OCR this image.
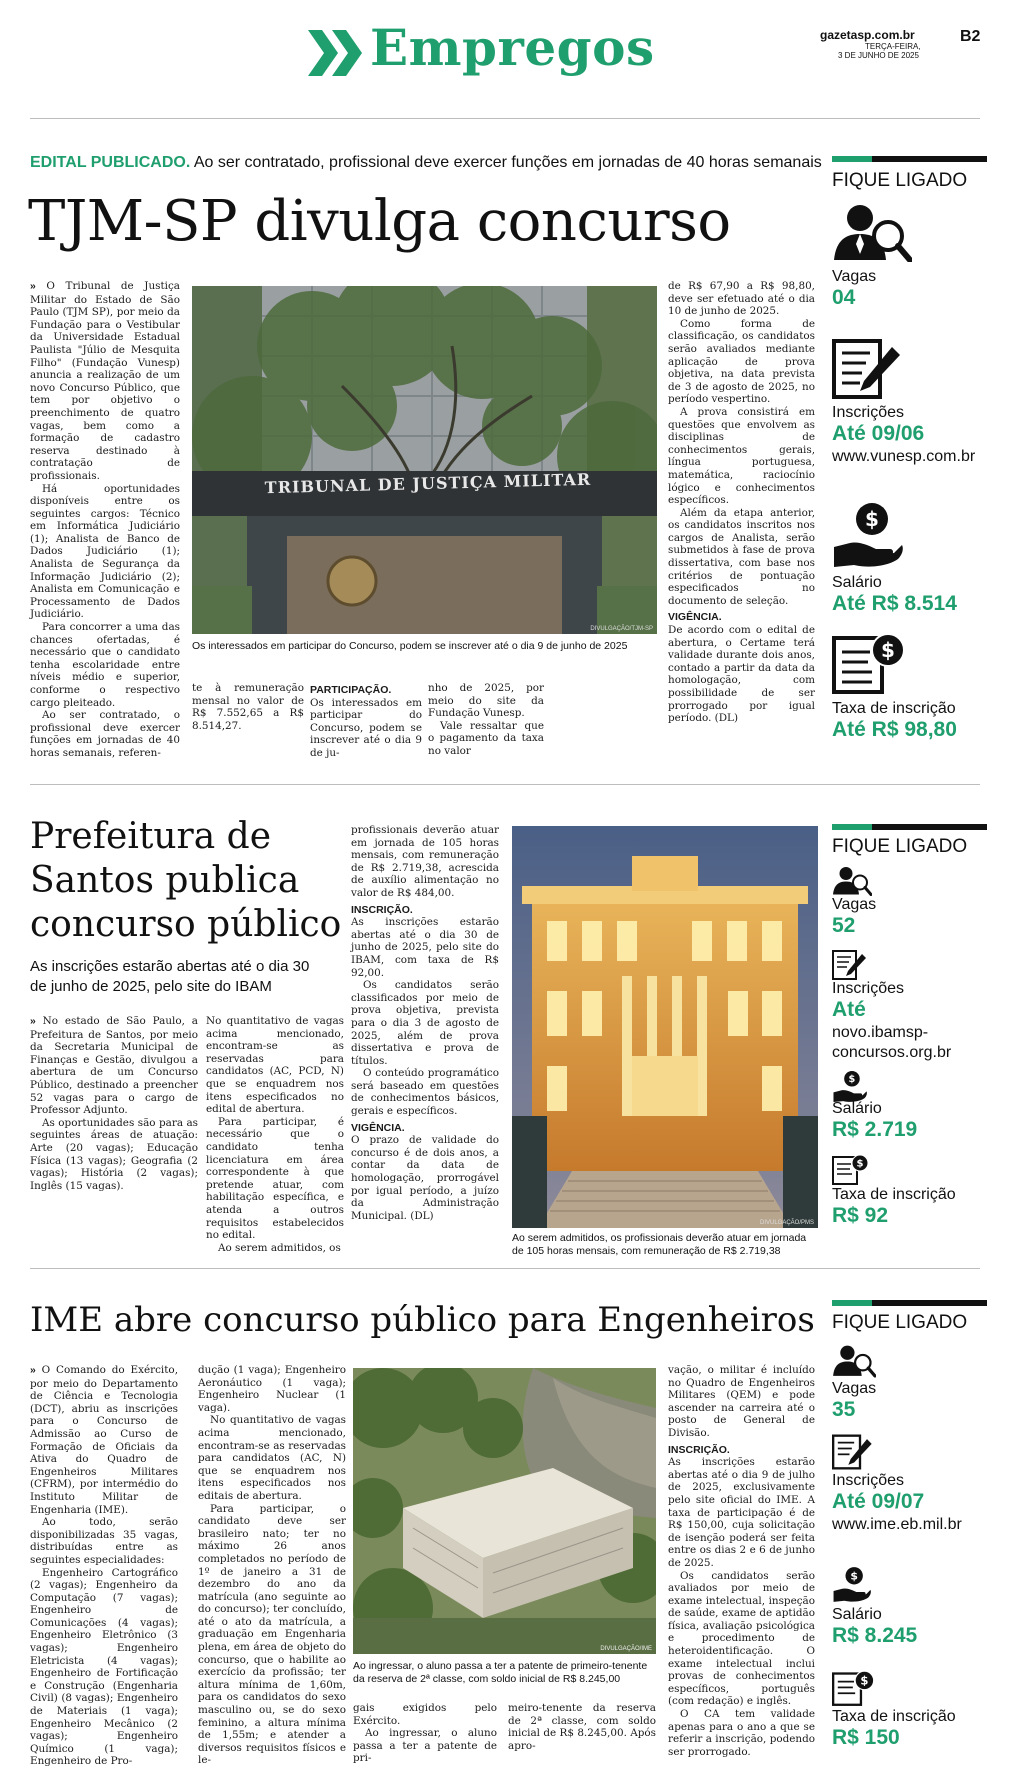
Empregos	gazetasp.com.br
TERÇA-FEIRA,
3 DE JUNHO DE 2025
B2
EDITAL PUBLICADO. Ao ser contratado, profissional deve exercer funções em jornadas de 40 horas semanais
TJM-SP divulga concurso

» O Tribunal de Justiça Militar do Estado de São Paulo (TJM SP), por meio da Fundação para o Vestibular da Universidade Estadual Paulista "Júlio de Mesquita Filho" (Fundação Vunesp) anuncia a realização de um novo Concurso Público, que tem por objetivo o preenchimento de quatro vagas, bem como a formação de cadastro reserva destinado à contratação de profissionais.

Há oportunidades disponíveis entre os seguintes cargos: Técnico em Informática Judiciário (1); Analista de Banco de Dados Judiciário (1); Analista de Segurança da Informação Judiciário (2); Analista em Comunicação e Processamento de Dados Judiciário.

Para concorrer a uma das chances ofertadas, é necessário que o candidato tenha escolaridade entre níveis médio e superior, conforme o respectivo cargo pleiteado.

Ao ser contratado, o profissional deve exercer funções em jornadas de 40 horas semanais, referen-

TRIBUNAL DE JUSTIÇA MILITAR
DIVULGAÇÃO/TJM-SP
Os interessados em participar do Concurso, podem se inscrever até o dia 9 de junho de 2025

te à remuneração mensal no valor de R$ 7.552,65 a R$ 8.514,27.

PARTICIPAÇÃO.

Os interessados em participar do Concurso, podem se inscrever até o dia 9 de ju-

nho de 2025, por meio do site da Fundação Vunesp.

Vale ressaltar que o pagamento da taxa no valor

de R$ 67,90 a R$ 98,80, deve ser efetuado até o dia 10 de junho de 2025.

Como forma de classificação, os candidatos serão avaliados mediante aplicação de prova objetiva, na data prevista de 3 de agosto de 2025, no período vespertino.

A prova consistirá em questões que envolvem as disciplinas de conhecimentos gerais, língua portuguesa, matemática, raciocínio lógico e conhecimentos específicos.

Além da etapa anterior, os candidatos inscritos nos cargos de Analista, serão submetidos à fase de prova dissertativa, com base nos critérios de pontuação especificados no documento de seleção.

VIGÊNCIA.

De acordo com o edital de abertura, o Certame terá validade durante dois anos, contado a partir da data da homologação, com possibilidade de ser prorrogado por igual período. (DL)

FIQUE LIGADO
Vagas
04
Inscrições
Até 09/06
www.vunesp.com.br
$
Salário
Até R$ 8.514
$
Taxa de inscrição
Até R$ 98,80
Prefeitura de
Santos publica
concurso público
As inscrições estarão abertas até o dia 30 de junho de 2025, pelo site do IBAM

» No estado de São Paulo, a Prefeitura de Santos, por meio da Secretaria Municipal de Finanças e Gestão, divulgou a abertura de um Concurso Público, destinado a preencher 52 vagas para o cargo de Professor Adjunto.

As oportunidades são para as seguintes áreas de atuação: Arte (20 vagas); Educação Física (13 vagas); Geografia (2 vagas); História (2 vagas); Inglês (15 vagas).

No quantitativo de vagas acima mencionado, encontram-se as reservadas para candidatos (AC, PCD, N) que se enquadrem nos itens especificados no edital de abertura.

Para participar, é necessário que o candidato tenha licenciatura em área correspondente à que pretende atuar, com habilitação específica, e atenda a outros requisitos estabelecidos no edital.

Ao serem admitidos, os

profissionais deverão atuar em jornada de 105 horas mensais, com remuneração de R$ 2.719,38, acrescida de auxílio alimentação no valor de R$ 484,00.

INSCRIÇÃO.

As inscrições estarão abertas até o dia 30 de junho de 2025, pelo site do IBAM, com taxa de R$ 92,00.

Os candidatos serão classificados por meio de prova objetiva, prevista para o dia 3 de agosto de 2025, além de prova dissertativa e prova de títulos.

O conteúdo programático será baseado em questões de conhecimentos básicos, gerais e específicos.

VIGÊNCIA.

O prazo de validade do concurso é de dois anos, a contar da data de homologação, prorrogável por igual período, a juízo da Administração Municipal. (DL)

DIVULGAÇÃO/PMS
Ao serem admitidos, os profissionais deverão atuar em jornada de 105 horas mensais, com remuneração de R$ 2.719,38
FIQUE LIGADO
Vagas
52
Inscrições
Até
novo.ibamsp-
concursos.org.br
$
Salário
R$ 2.719
$
Taxa de inscrição
R$ 92
IME abre concurso público para Engenheiros

» O Comando do Exército, por meio do Departamento de Ciência e Tecnologia (DCT), abriu as inscrições para o Concurso de Admissão ao Curso de Formação de Oficiais da Ativa do Quadro de Engenheiros Militares (CFRM), por intermédio do Instituto Militar de Engenharia (IME).

Ao todo, serão disponibilizadas 35 vagas, distribuídas entre as seguintes especialidades:

Engenheiro Cartográfico (2 vagas); Engenheiro da Computação (7 vagas); Engenheiro de Comunicações (4 vagas); Engenheiro Eletrônico (3 vagas); Engenheiro Eletricista (4 vagas); Engenheiro de Fortificação e Construção (Engenharia Civil) (8 vagas); Engenheiro de Materiais (1 vaga); Engenheiro Mecânico (2 vagas); Engenheiro Químico (1 vaga); Engenheiro de Pro-

dução (1 vaga); Engenheiro Aeronáutico (1 vaga); Engenheiro Nuclear (1 vaga).

No quantitativo de vagas acima mencionado, encontram-se as reservadas para candidatos (AC, N) que se enquadrem nos itens especificados nos editais de abertura.

Para participar, o candidato deve ser brasileiro nato; ter no máximo 26 anos completados no período de 1º de janeiro a 31 de dezembro do ano da matrícula (ano seguinte ao do concurso); ter concluído, até o ato da matrícula, a graduação em Engenharia plena, em área de objeto do concurso, que o habilite ao exercício da profissão; ter altura mínima de 1,60m, para os candidatos do sexo masculino ou, se do sexo feminino, a altura mínima de 1,55m; e atender a diversos requisitos físicos e le-

DIVULGAÇÃO/IME
Ao ingressar, o aluno passa a ter a patente de primeiro-tenente da reserva de 2ª classe, com soldo inicial de R$ 8.245,00

gais exigidos pelo Exército.

Ao ingressar, o aluno passa a ter a patente de pri-

meiro-tenente da reserva de 2ª classe, com soldo inicial de R$ 8.245,00. Após apro-

vação, o militar é incluído no Quadro de Engenheiros Militares (QEM) e pode ascender na carreira até o posto de General de Divisão.

INSCRIÇÃO.

As inscrições estarão abertas até o dia 9 de julho de 2025, exclusivamente pelo site oficial do IME. A taxa de participação é de R$ 150,00, cuja solicitação de isenção poderá ser feita entre os dias 2 e 6 de junho de 2025.

Os candidatos serão avaliados por meio de exame intelectual, inspeção de saúde, exame de aptidão física, avaliação psicológica e procedimento de heteroidentificação. O exame intelectual inclui provas de conhecimentos específicos, português (com redação) e inglês.

O CA tem validade apenas para o ano a que se referir a inscrição, podendo ser prorrogado.

FIQUE LIGADO
Vagas
35
Inscrições
Até 09/07
www.ime.eb.mil.br
$
Salário
R$ 8.245
$
Taxa de inscrição
R$ 150
